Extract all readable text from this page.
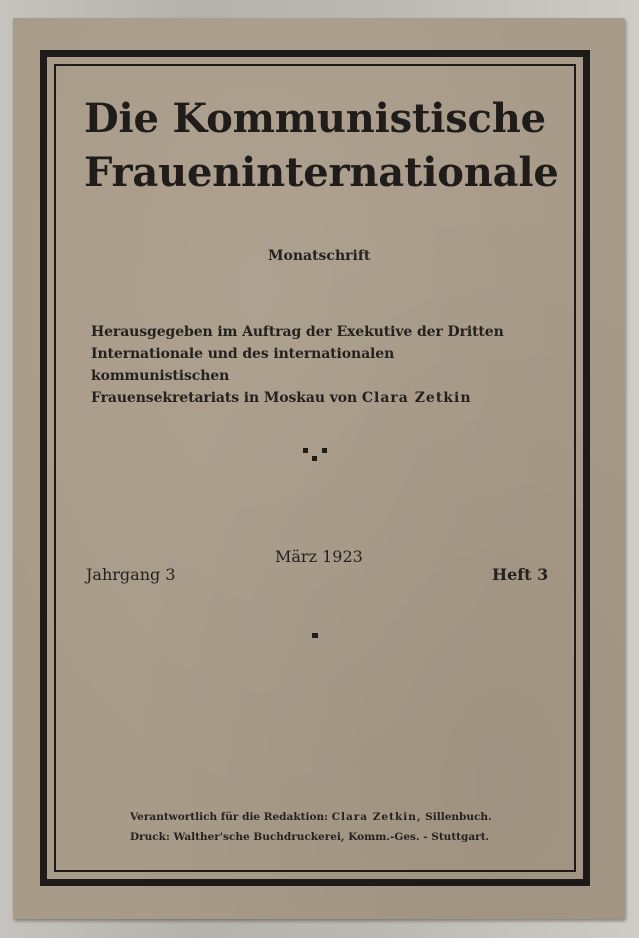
Die Kommunistische
Fraueninternationale
Monatschrift
Herausgegeben im Auftrag der Exekutive der Dritten
Internationale und des internationalen kommunistischen
Frauensekretariats in Moskau von Clara Zetkin
März 1923
Jahrgang 3	Heft 3
Verantwortlich für die Redaktion: Clara Zetkin, Sillenbuch.
Druck: Walther'sche Buchdruckerei, Komm.-Ges. - Stuttgart.
